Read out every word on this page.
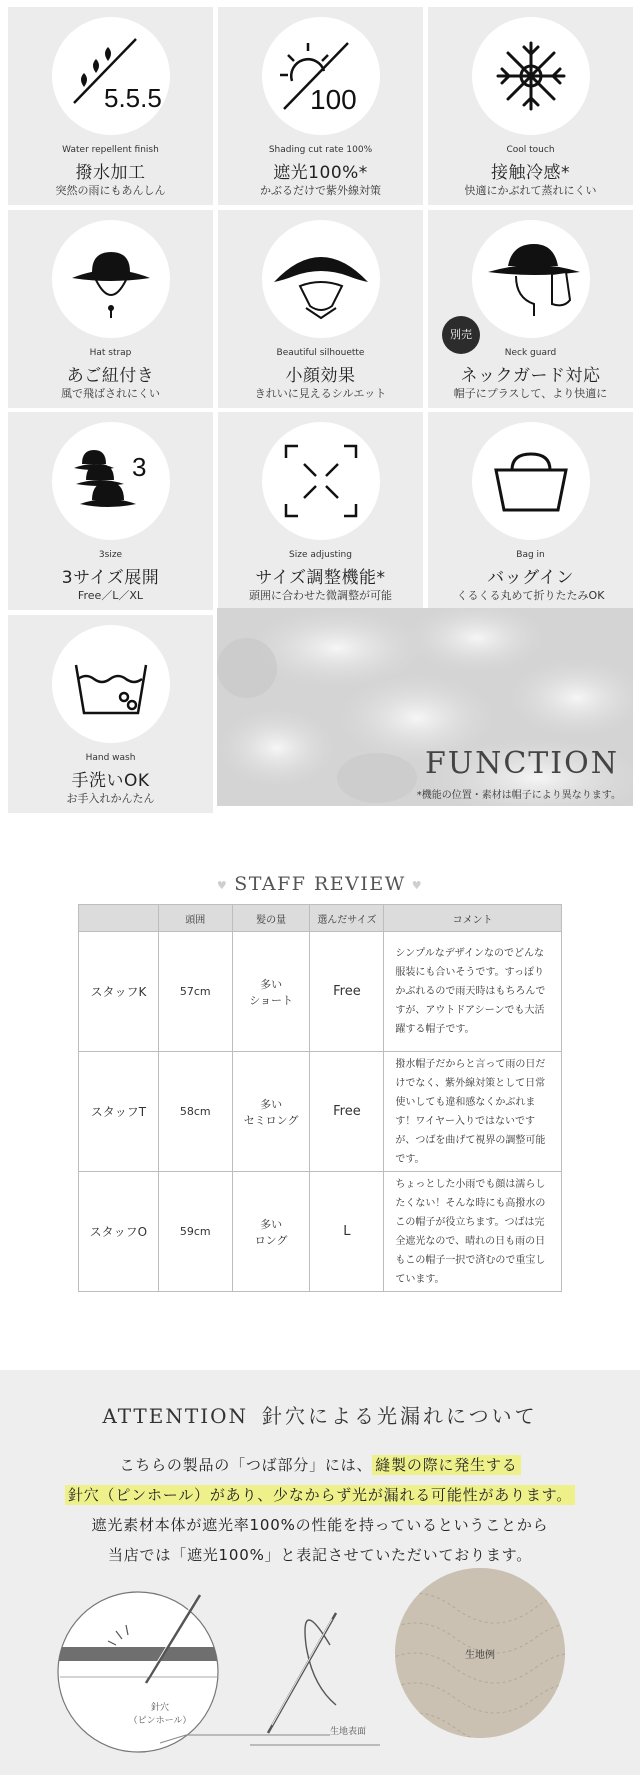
5.5.5
Water repellent finish
撥水加工
突然の雨にもあんしん
100
Shading cut rate 100%
遮光100%*
かぶるだけで紫外線対策
Cool touch
接触冷感*
快適にかぶれて蒸れにくい
Hat strap
あご紐付き
風で飛ばされにくい
Beautiful silhouette
小顔効果
きれいに見えるシルエット
別売
Neck guard
ネックガード対応
帽子にプラスして、より快適に
3
3size
3サイズ展開
Free／L／XL
Size adjusting
サイズ調整機能*
頭囲に合わせた微調整が可能
Bag in
バッグイン
くるくる丸めて折りたたみOK
Hand wash
手洗いOK
お手入れかんたん
FUNCTION
*機能の位置・素材は帽子により異なります。
♥ STAFF REVIEW ♥
	頭囲	髪の量	選んだサイズ	コメント
スタッフK	57cm	多い
ショート	Free	シンプルなデザインなのでどんな服装にも合いそうです。すっぽりかぶれるので雨天時はもちろんですが、アウトドアシーンでも大活躍する帽子です。
スタッフT	58cm	多い
セミロング	Free	撥水帽子だからと言って雨の日だけでなく、紫外線対策として日常使いしても違和感なくかぶれます！ワイヤー入りではないですが、つばを曲げて視界の調整可能です。
スタッフO	59cm	多い
ロング	L	ちょっとした小雨でも顔は濡らしたくない！そんな時にも高撥水のこの帽子が役立ちます。つばは完全遮光なので、晴れの日も雨の日もこの帽子一択で済むので重宝しています。
ATTENTION 針穴による光漏れについて
こちらの製品の「つば部分」には、 縫製の際に発生する
針穴（ピンホール）があり、少なからず光が漏れる可能性があります。
遮光素材本体が遮光率100%の性能を持っているということから
当店では「遮光100%」と表記させていただいております。
針穴
（ピンホール）
生地表面
生地例
